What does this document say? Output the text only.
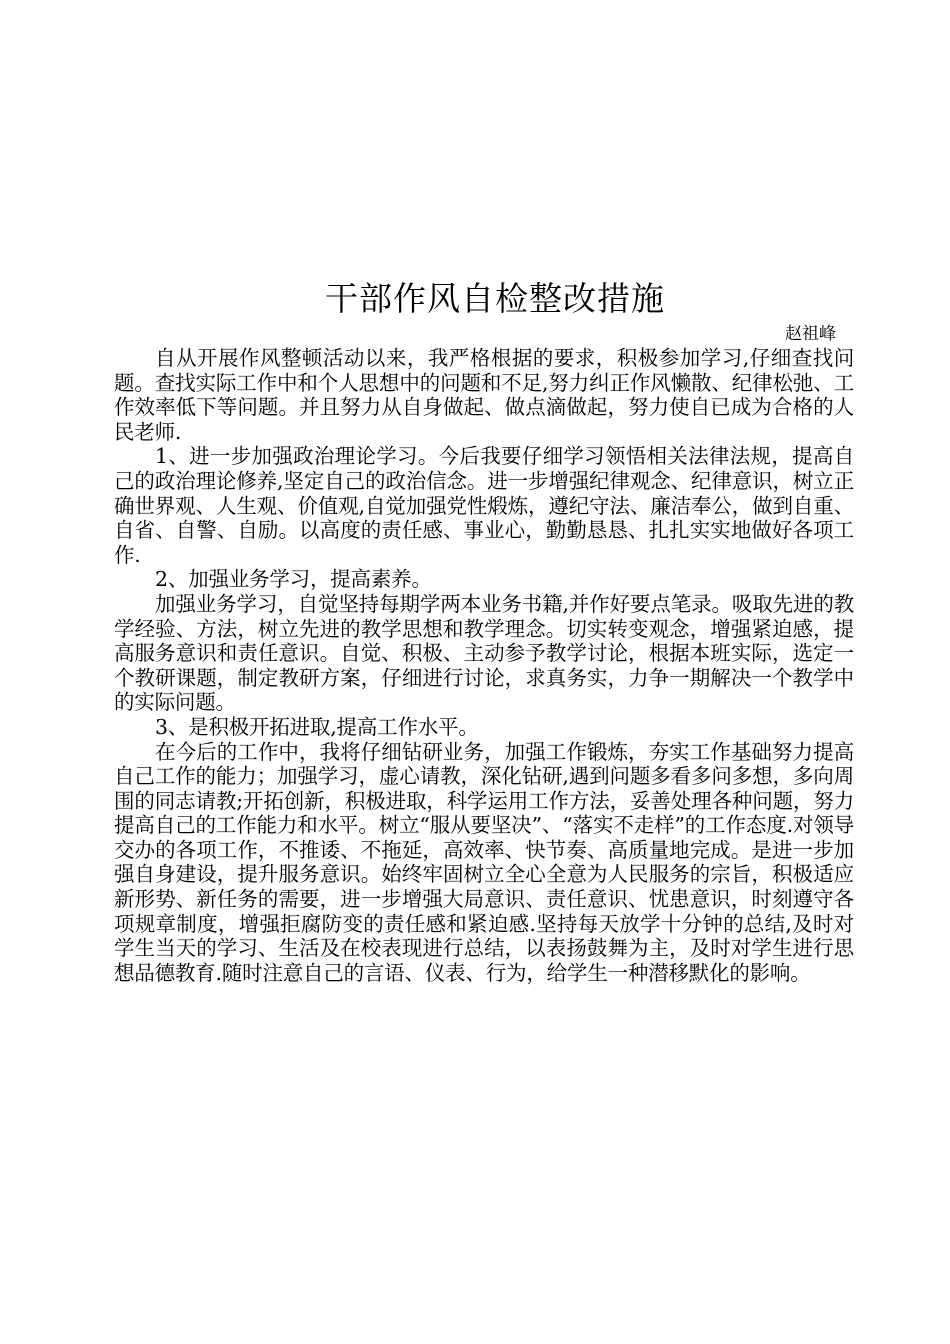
干部作风自检整改措施

赵祖峰

自从开展作风整顿活动以来，我严格根据的要求，积极参加学习,仔细查找问题。查找实际工作中和个人思想中的问题和不足,努力纠正作风懒散、纪律松弛、工作效率低下等问题。并且努力从自身做起、做点滴做起，努力使自已成为合格的人民老师.

1、进一步加强政治理论学习。今后我要仔细学习领悟相关法律法规，提高自己的政治理论修养,坚定自己的政治信念。进一步增强纪律观念、纪律意识，树立正确世界观、人生观、价值观,自觉加强党性煅炼，遵纪守法、廉洁奉公，做到自重、自省、自警、自励。以高度的责任感、事业心，勤勤恳恳、扎扎实实地做好各项工作.

2、加强业务学习，提高素养。

加强业务学习，自觉坚持每期学两本业务书籍,并作好要点笔录。吸取先进的教学经验、方法，树立先进的教学思想和教学理念。切实转变观念，增强紧迫感，提高服务意识和责任意识。自觉、积极、主动参予教学讨论，根据本班实际，选定一个教研课题，制定教研方案，仔细进行讨论，求真务实，力争一期解决一个教学中的实际问题。

3、是积极开拓进取,提高工作水平。

在今后的工作中，我将仔细钻研业务，加强工作锻炼，夯实工作基础努力提高自己工作的能力；加强学习，虚心请教，深化钻研,遇到问题多看多问多想，多向周围的同志请教;开拓创新，积极进取，科学运用工作方法，妥善处理各种问题，努力提高自己的工作能力和水平。树立“服从要坚决”、“落实不走样”的工作态度.对领导交办的各项工作，不推诿、不拖延，高效率、快节奏、高质量地完成。是进一步加强自身建设，提升服务意识。始终牢固树立全心全意为人民服务的宗旨，积极适应新形势、新任务的需要，进一步增强大局意识、责任意识、忧患意识，时刻遵守各项规章制度，增强拒腐防变的责任感和紧迫感.坚持每天放学十分钟的总结,及时对学生当天的学习、生活及在校表现进行总结，以表扬鼓舞为主，及时对学生进行思想品德教育.随时注意自己的言语、仪表、行为，给学生一种潜移默化的影响。
